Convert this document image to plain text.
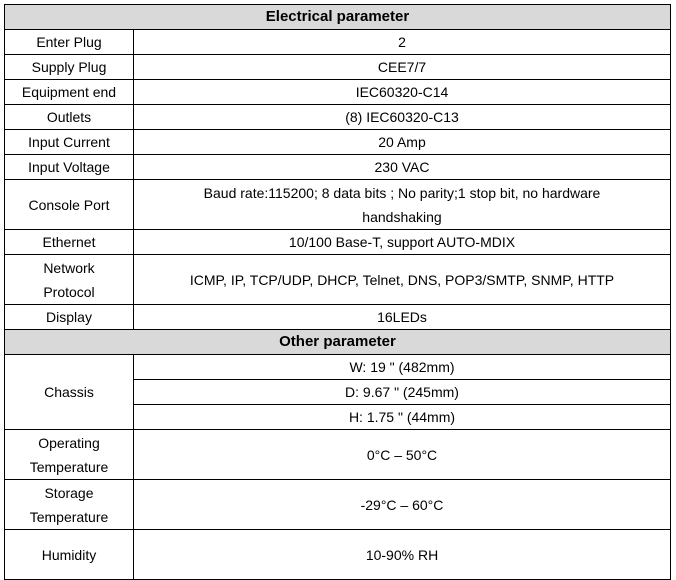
Electrical parameter	
Enter Plug	2
Supply Plug	CEE7/7
Equipment end	IEC60320-C14
Outlets	(8) IEC60320-C13
Input Current	20 Amp
Input Voltage	230 VAC
Console Port	Baud rate:115200; 8 data bits ; No parity;1 stop bit, no hardware handshaking
Ethernet	10/100 Base-T, support AUTO-MDIX
Network Protocol	ICMP, IP, TCP/UDP, DHCP, Telnet, DNS, POP3/SMTP, SNMP, HTTP
Display	16LEDs
Other parameter	
Chassis	W: 19 " (482mm)
	D: 9.67 " (245mm)
	H: 1.75 " (44mm)
Operating Temperature	0°C – 50°C
Storage Temperature	-29°C – 60°C
Humidity	10-90% RH
